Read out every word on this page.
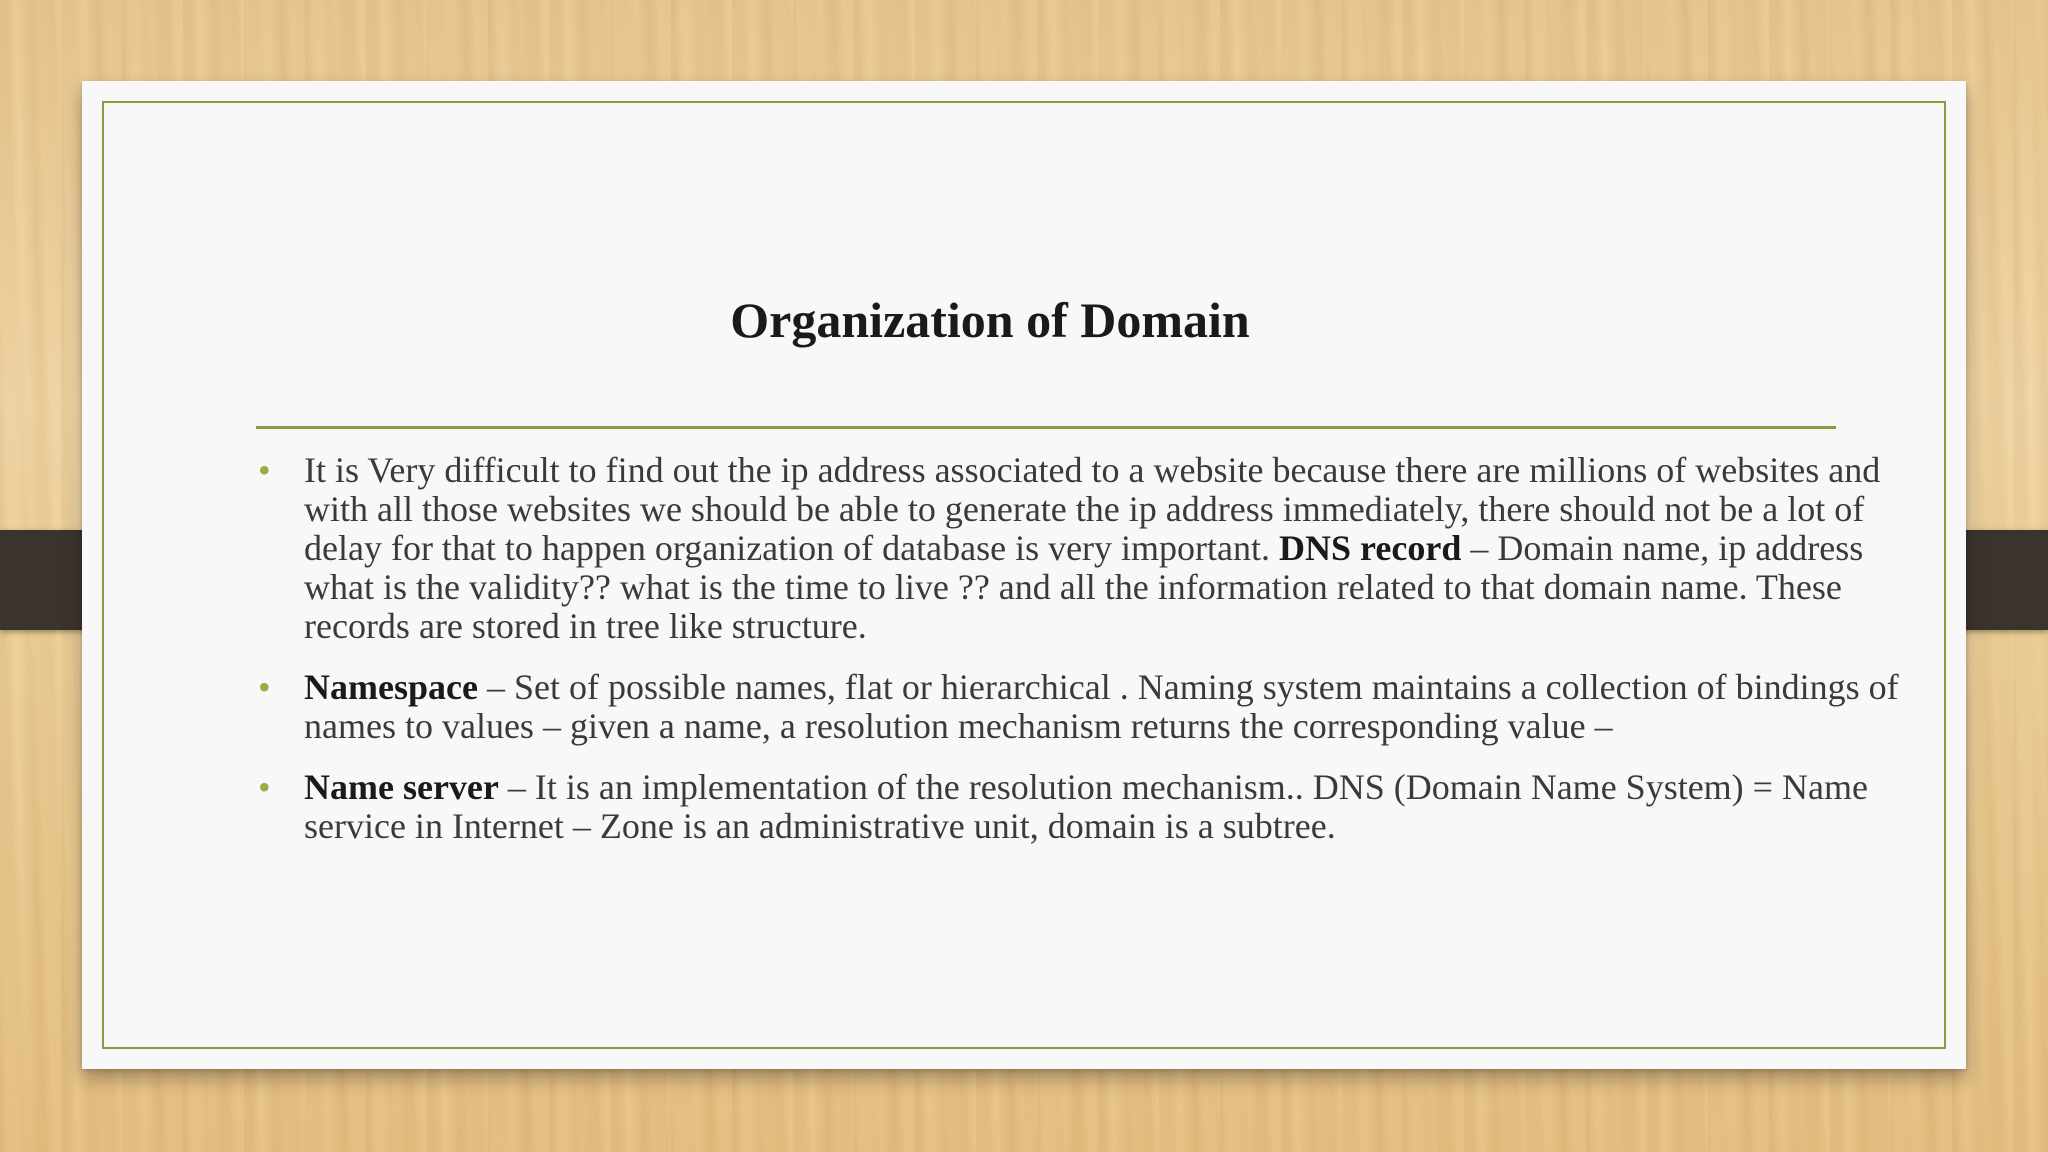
Organization of Domain
• It is Very difficult to find out the ip address associated to a website because there are millions of websites and with all those websites we should be able to generate the ip address immediately, there should not be a lot of delay for that to happen organization of database is very important. DNS record – Domain name, ip address what is the validity?? what is the time to live ?? and all the information related to that domain name. These records are stored in tree like structure.
• Namespace – Set of possible names, flat or hierarchical . Naming system maintains a collection of bindings of names to values – given a name, a resolution mechanism returns the corresponding value –
• Name server – It is an implementation of the resolution mechanism.. DNS (Domain Name System) = Name service in Internet – Zone is an administrative unit, domain is a subtree.
